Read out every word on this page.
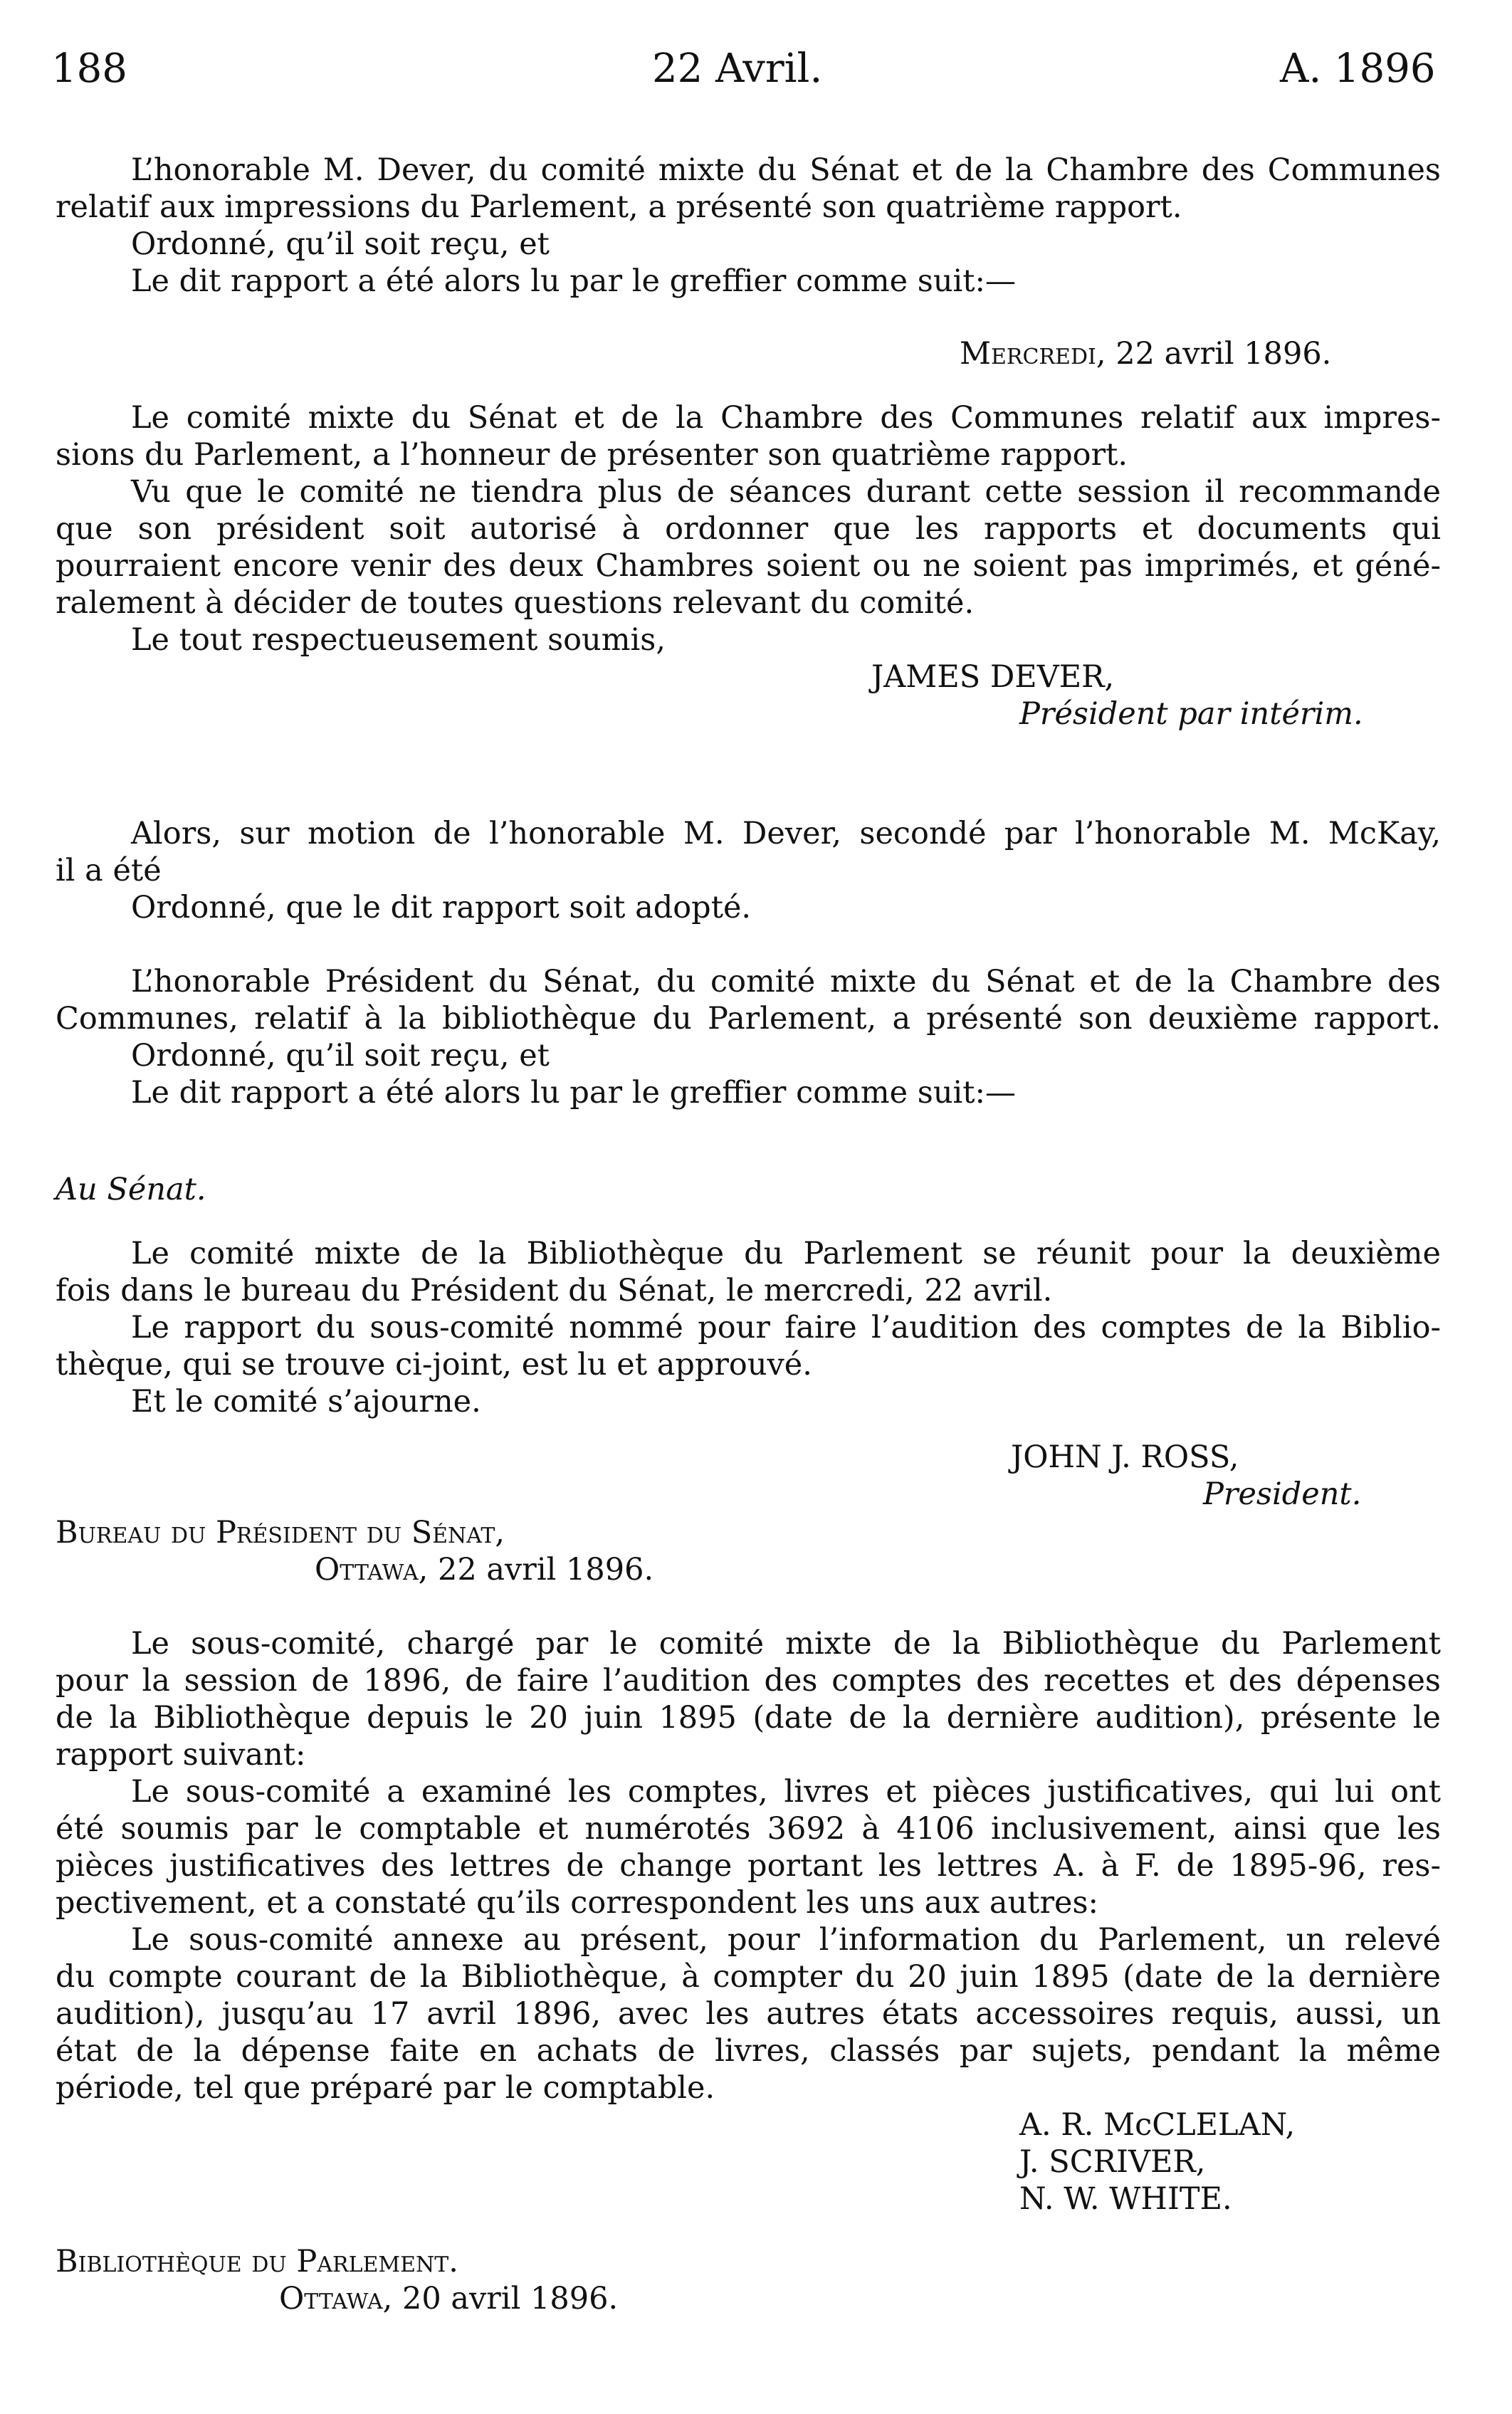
188	22 Avril.	A. 1896
L’honorable M. Dever, du comité mixte du Sénat et de la Chambre des Communes
relatif aux impressions du Parlement, a présenté son quatrième rapport.
Ordonné, qu’il soit reçu, et
Le dit rapport a été alors lu par le greffier comme suit:—
Mercredi, 22 avril 1896.
Le comité mixte du Sénat et de la Chambre des Communes relatif aux impres-
sions du Parlement, a l’honneur de présenter son quatrième rapport.
Vu que le comité ne tiendra plus de séances durant cette session il recommande
que son président soit autorisé à ordonner que les rapports et documents qui
pourraient encore venir des deux Chambres soient ou ne soient pas imprimés, et géné-
ralement à décider de toutes questions relevant du comité.
Le tout respectueusement soumis,
JAMES DEVER,
Président par intérim.
Alors, sur motion de l’honorable M. Dever, secondé par l’honorable M. McKay,
il a été
Ordonné, que le dit rapport soit adopté.
L’honorable Président du Sénat, du comité mixte du Sénat et de la Chambre des
Communes, relatif à la bibliothèque du Parlement, a présenté son deuxième rapport.
Ordonné, qu’il soit reçu, et
Le dit rapport a été alors lu par le greffier comme suit:—
Au Sénat.
Le comité mixte de la Bibliothèque du Parlement se réunit pour la deuxième
fois dans le bureau du Président du Sénat, le mercredi, 22 avril.
Le rapport du sous-comité nommé pour faire l’audition des comptes de la Biblio-
thèque, qui se trouve ci-joint, est lu et approuvé.
Et le comité s’ajourne.
JOHN J. ROSS,
President.
Bureau du Président du Sénat,
Ottawa, 22 avril 1896.
Le sous-comité, chargé par le comité mixte de la Bibliothèque du Parlement
pour la session de 1896, de faire l’audition des comptes des recettes et des dépenses
de la Bibliothèque depuis le 20 juin 1895 (date de la dernière audition), présente le
rapport suivant:
Le sous-comité a examiné les comptes, livres et pièces justificatives, qui lui ont
été soumis par le comptable et numérotés 3692 à 4106 inclusivement, ainsi que les
pièces justificatives des lettres de change portant les lettres A. à F. de 1895-96, res-
pectivement, et a constaté qu’ils correspondent les uns aux autres:
Le sous-comité annexe au présent, pour l’information du Parlement, un relevé
du compte courant de la Bibliothèque, à compter du 20 juin 1895 (date de la dernière
audition), jusqu’au 17 avril 1896, avec les autres états accessoires requis, aussi, un
état de la dépense faite en achats de livres, classés par sujets, pendant la même
période, tel que préparé par le comptable.
A. R. McCLELAN,
J. SCRIVER,
N. W. WHITE.
Bibliothèque du Parlement.
Ottawa, 20 avril 1896.
